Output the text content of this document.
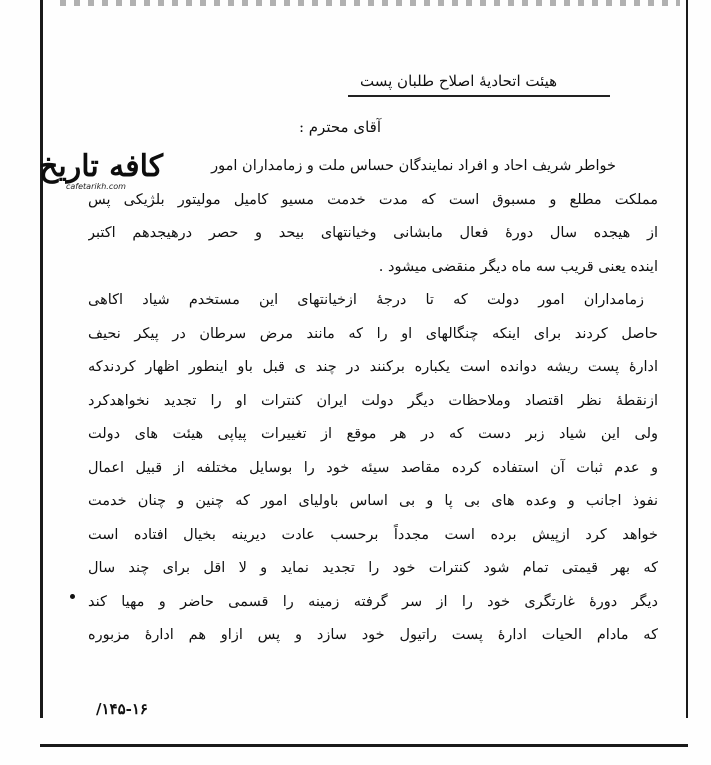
هیئت اتحادیهٔ اصلاح طلبان پست
آقای محترم :
کافه تاریخ
cafetarikh.com
خواطر شریف احاد و افراد نمایندگان حساس ملت و زمامداران امور
مملکت مطلع و مسبوق است که مدت خدمت مسیو کامیل مولیتور بلژیکی پس
از هیجده سال دورهٔ فعال مابشانی وخیانتهای بیحد و حصر درهیجدهم اکتبر
اینده یعنی قریب سه ماه دیگر منقضی میشود .
زمامداران امور دولت که تا درجهٔ ازخیانتهای این مستخدم شیاد اکاهی
حاصل کردند برای اینکه چنگالهای او را که مانند مرض سرطان در پیکر نحیف
ادارهٔ پست ریشه دوانده است یکباره برکنند در چند ی قبل باو اینطور اظهار کردندکه
ازنقطهٔ نظر اقتصاد وملاحظات دیگر دولت ایران کنترات او را تجدید نخواهدکرد
ولی این شیاد زبر دست که در هر موقع از تغییرات پیاپی هیئت های دولت
و عدم ثبات آن استفاده کرده مقاصد سیئه خود را بوسایل مختلفه از قبیل اعمال
نفوذ اجانب و وعده های بی پا و بی اساس باولیای امور که چنین و چنان خدمت
خواهد کرد ازپیش برده است مجدداً برحسب عادت دیرینه بخیال افتاده است
که بهر قیمتی تمام شود کنترات خود را تجدید نماید و لا اقل برای چند سال
دیگر دورهٔ غارتگری خود را از سر گرفته زمینه را قسمی حاضر و مهیا کند
که مادام الحیات ادارهٔ پست راتیول خود سازد و پس ازاو هم ادارهٔ مزبوره
۱۴۵-۱۶/
